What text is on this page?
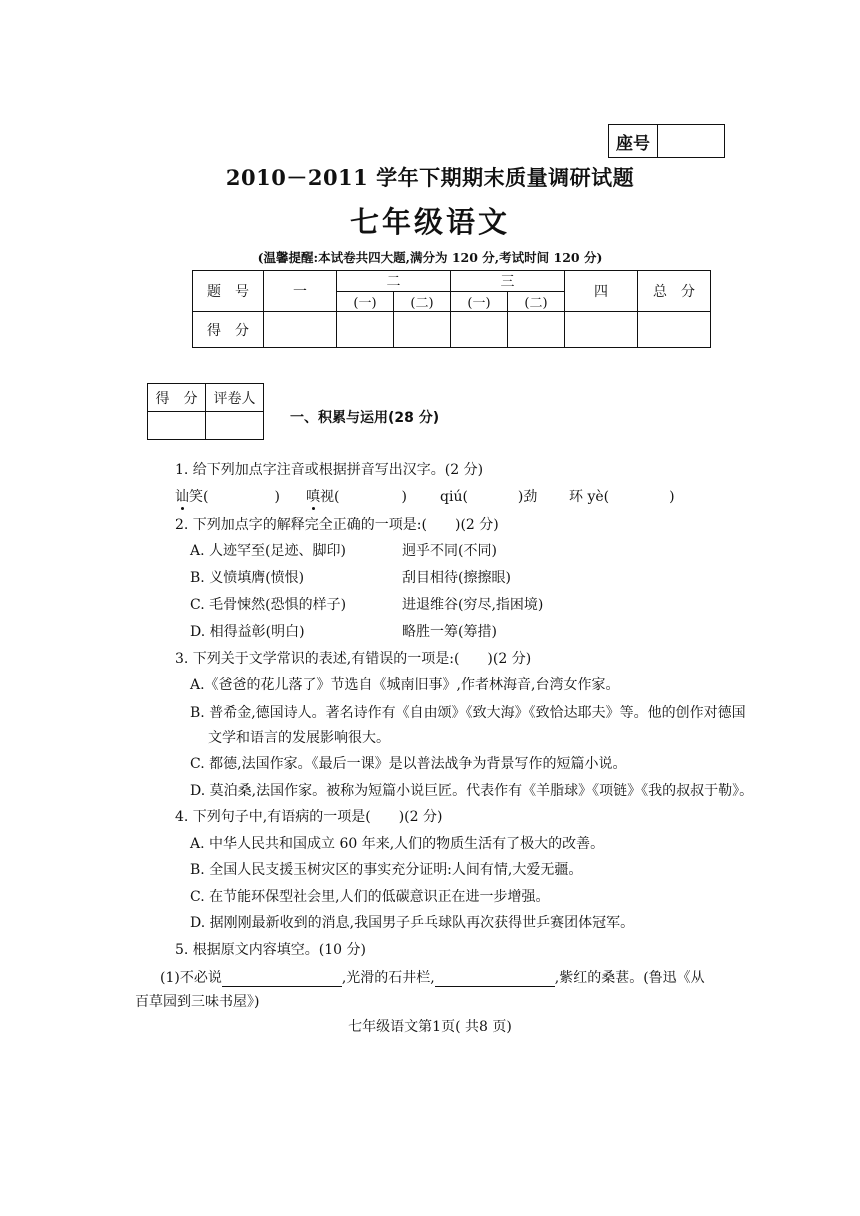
座号
2010－2011 学年下期期末质量调研试题
七年级语文
(温馨提醒:本试卷共四大题,满分为 120 分,考试时间 120 分)
题　号	一	二		三		四	总　分
		(一)	(二)	(一)	(二)		
得　分							
得　分	评卷人

一、积累与运用(28 分)
1. 给下列加点字注音或根据拼音写出汉字。(2 分)
讪笑(	) 嗔视(	) qiú(	)劲 环 yè(	)
2. 下列加点字的解释完全正确的一项是:(　　)(2 分)
A. 人迹罕至(足迹、脚印)	迥乎不同(不同)
B. 义愤填膺(愤恨)	刮目相待(擦擦眼)
C. 毛骨悚然(恐惧的样子)	进退维谷(穷尽,指困境)
D. 相得益彰(明白)	略胜一筹(筹措)
3. 下列关于文学常识的表述,有错误的一项是:(　　)(2 分)
A.《爸爸的花儿落了》节选自《城南旧事》,作者林海音,台湾女作家。
B. 普希金,德国诗人。著名诗作有《自由颂》《致大海》《致恰达耶夫》等。他的创作对德国
文学和语言的发展影响很大。
C. 都德,法国作家。《最后一课》是以普法战争为背景写作的短篇小说。
D. 莫泊桑,法国作家。被称为短篇小说巨匠。代表作有《羊脂球》《项链》《我的叔叔于勒》。
4. 下列句子中,有语病的一项是(　　)(2 分)
A. 中华人民共和国成立 60 年来,人们的物质生活有了极大的改善。
B. 全国人民支援玉树灾区的事实充分证明:人间有情,大爱无疆。
C. 在节能环保型社会里,人们的低碳意识正在进一步增强。
D. 据刚刚最新收到的消息,我国男子乒乓球队再次获得世乒赛团体冠军。
5. 根据原文内容填空。(10 分)
(1)不必说	,光滑的石井栏,	,紫红的桑葚。(鲁迅《从
百草园到三味书屋》)
七年级语文第1页( 共8 页)
